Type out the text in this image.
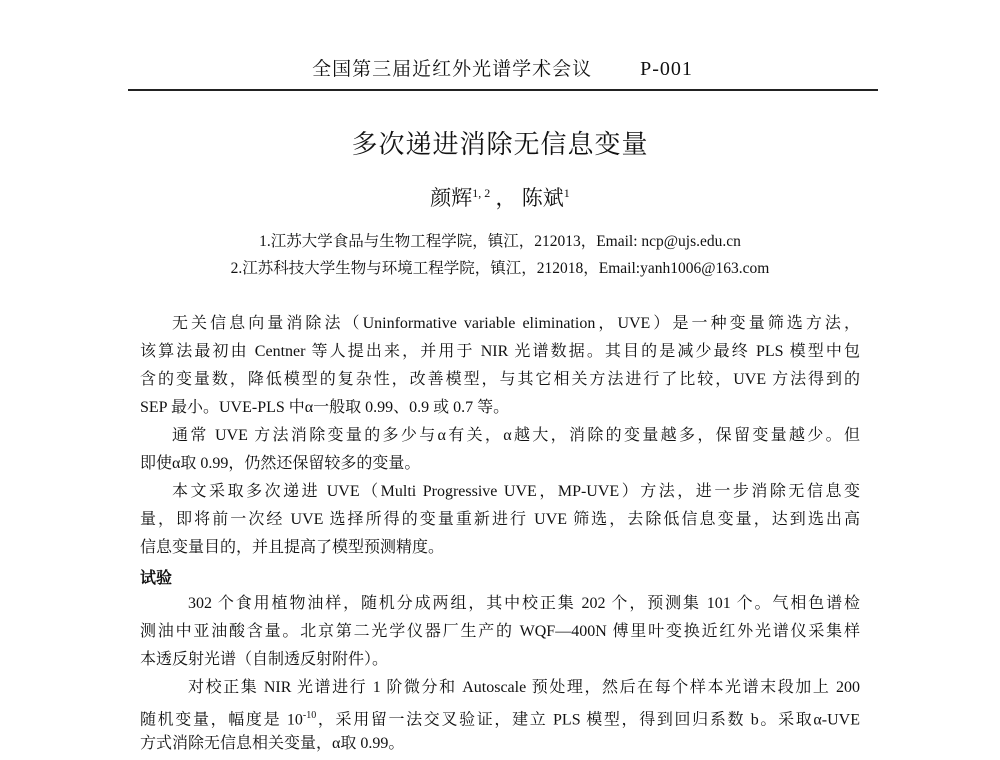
全国第三届近红外光谱学术会议 P-001
多次递进消除无信息变量
颜辉$^{1, 2}$ ， 陈斌$^1$
1.江苏大学食品与生物工程学院，镇江，212013，Email: ncp@ujs.edu.cn
2.江苏科技大学生物与环境工程学院，镇江，212018，Email:yanh1006@163.com
无关信息向量消除法（Uninformative variable elimination，UVE）是一种变量筛选方法，
该算法最初由 Centner 等人提出来，并用于 NIR 光谱数据。其目的是减少最终 PLS 模型中包
含的变量数，降低模型的复杂性，改善模型，与其它相关方法进行了比较，UVE 方法得到的
SEP 最小。UVE-PLS 中α一般取 0.99、0.9 或 0.7 等。
通常 UVE 方法消除变量的多少与α有关，α越大，消除的变量越多，保留变量越少。但
即使α取 0.99，仍然还保留较多的变量。
本文采取多次递进 UVE（Multi Progressive UVE，MP-UVE）方法，进一步消除无信息变
量，即将前一次经 UVE 选择所得的变量重新进行 UVE 筛选，去除低信息变量，达到选出高
信息变量目的，并且提高了模型预测精度。
试验
302 个食用植物油样，随机分成两组，其中校正集 202 个，预测集 101 个。气相色谱检
测油中亚油酸含量。北京第二光学仪器厂生产的 WQF—400N 傅里叶变换近红外光谱仪采集样
本透反射光谱（自制透反射附件）。
对校正集 NIR 光谱进行 1 阶微分和 Autoscale 预处理，然后在每个样本光谱末段加上 200
随机变量，幅度是 $10^{-10}$，采用留一法交叉验证，建立 PLS 模型，得到回归系数 b。采取α-UVE
方式消除无信息相关变量，α取 0.99。
